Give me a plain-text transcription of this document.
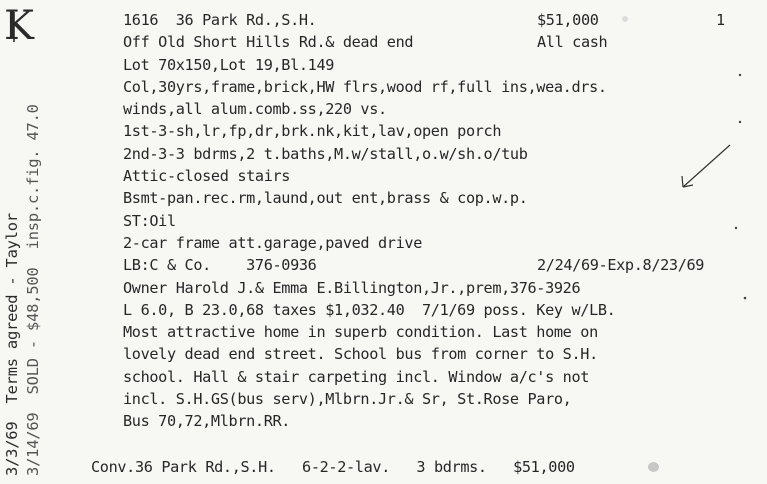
K
3/3/69  Terms agreed - Taylor 3/14/69  SOLD - $48,500  insp.c.fig. 47.0
1616  36 Park Rd.,S.H.
Off Old Short Hills Rd.& dead end
Lot 70x150,Lot 19,Bl.149
Col,30yrs,frame,brick,HW flrs,wood rf,full ins,wea.drs.
winds,all alum.comb.ss,220 vs.
1st-3-sh,lr,fp,dr,brk.nk,kit,lav,open porch
2nd-3-3 bdrms,2 t.baths,M.w/stall,o.w/sh.o/tub
Attic-closed stairs
Bsmt-pan.rec.rm,laund,out ent,brass & cop.w.p.
ST:Oil
2-car frame att.garage,paved drive
LB:C & Co.    376-0936
Owner Harold J.& Emma E.Billington,Jr.,prem,376-3926
L 6.0, B 23.0,68 taxes $1,032.40  7/1/69 poss. Key w/LB.
Most attractive home in superb condition. Last home on
lovely dead end street. School bus from corner to S.H.
school. Hall & stair carpeting incl. Window a/c's not
incl. S.H.GS(bus serv),Mlbrn.Jr.& Sr, St.Rose Paro,
Bus 70,72,Mlbrn.RR.
$51,000	1
All cash
2/24/69-Exp.8/23/69
Conv.36 Park Rd.,S.H.   6-2-2-lav.   3 bdrms.   $51,000
